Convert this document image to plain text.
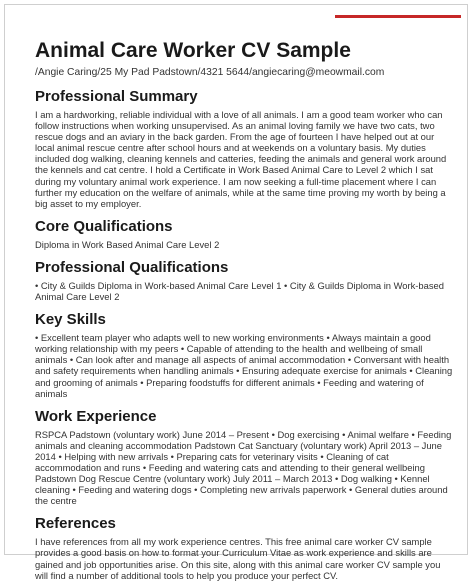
Animal Care Worker CV Sample

/Angie Caring/25 My Pad Padstown/4321 5644/angiecaring@meowmail.com

Professional Summary

I am a hardworking, reliable individual with a love of all animals. I am a good team worker who can follow instructions when working unsupervised. As an animal loving family we have two cats, two rescue dogs and an aviary in the back garden. From the age of fourteen I have helped out at our local animal rescue centre after school hours and at weekends on a voluntary basis. My duties included dog walking, cleaning kennels and catteries, feeding the animals and general work around the kennels and cat centre. I hold a Certificate in Work Based Animal Care to Level 2 which I sat during my voluntary animal work experience. I am now seeking a full-time placement where I can further my education on the welfare of animals, while at the same time proving my worth by being a big asset to my employer.

Core Qualifications

Diploma in Work Based Animal Care Level 2

Professional Qualifications

• City & Guilds Diploma in Work-based Animal Care Level 1 • City & Guilds Diploma in Work-based Animal Care Level 2

Key Skills

• Excellent team player who adapts well to new working environments • Always maintain a good working relationship with my peers • Capable of attending to the health and wellbeing of small animals • Can look after and manage all aspects of animal accommodation • Conversant with health and safety requirements when handling animals • Ensuring adequate exercise for animals • Cleaning and grooming of animals • Preparing foodstuffs for different animals • Feeding and watering of animals

Work Experience

RSPCA Padstown (voluntary work) June 2014 – Present • Dog exercising • Animal welfare • Feeding animals and cleaning accommodation Padstown Cat Sanctuary (voluntary work) April 2013 – June 2014 • Helping with new arrivals • Preparing cats for veterinary visits • Cleaning of cat accommodation and runs • Feeding and watering cats and attending to their general wellbeing Padstown Dog Rescue Centre (voluntary work) July 2011 – March 2013 • Dog walking • Kennel cleaning • Feeding and watering dogs • Completing new arrivals paperwork • General duties around the centre

References

I have references from all my work experience centres. This free animal care worker CV sample provides a good basis on how to format your Curriculum Vitae as work experience and skills are gained and job opportunities arise. On this site, along with this animal care worker CV sample you will find a number of additional tools to help you produce your perfect CV.
